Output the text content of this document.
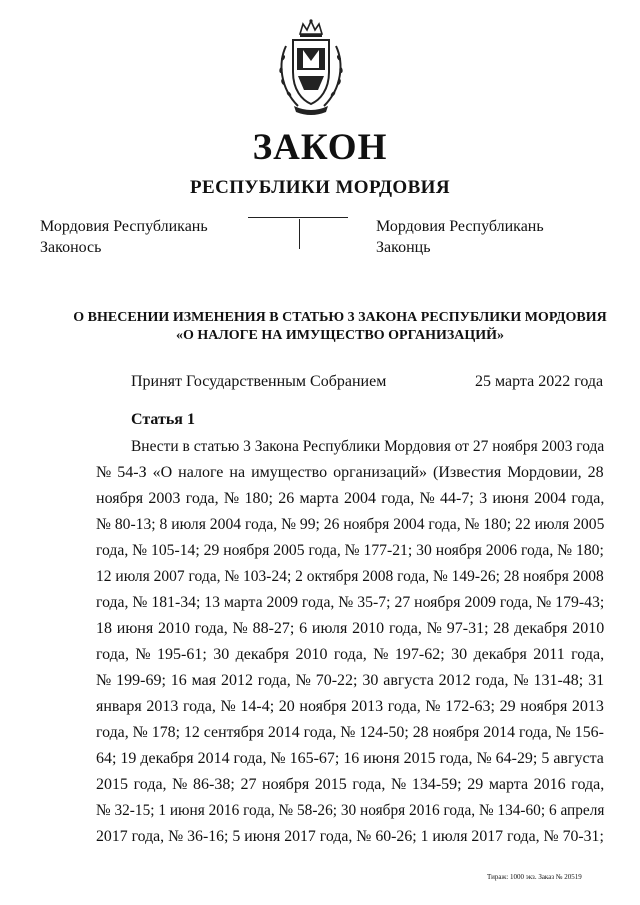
ЗАКОН
РЕСПУБЛИКИ МОРДОВИЯ
Мордовия Республикань
Законось
Мордовия Республикань
Законць
О ВНЕСЕНИИ ИЗМЕНЕНИЯ В СТАТЬЮ 3 ЗАКОНА РЕСПУБЛИКИ МОРДОВИЯ
«О НАЛОГЕ НА ИМУЩЕСТВО ОРГАНИЗАЦИЙ»
Принят Государственным Собранием	25 марта 2022 года
Статья 1
Внести в статью 3 Закона Республики Мордовия от 27 ноября 2003 года
№ 54-З «О налоге на имущество организаций» (Известия Мордовии, 28
ноября 2003 года, № 180; 26 марта 2004 года, № 44-7; 3 июня 2004 года,
№ 80-13; 8 июля 2004 года, № 99; 26 ноября 2004 года, № 180; 22 июля 2005
года, № 105-14; 29 ноября 2005 года, № 177-21; 30 ноября 2006 года, № 180;
12 июля 2007 года, № 103-24; 2 октября 2008 года, № 149-26; 28 ноября 2008
года, № 181-34; 13 марта 2009 года, № 35-7; 27 ноября 2009 года, № 179-43;
18 июня 2010 года, № 88-27; 6 июля 2010 года, № 97-31; 28 декабря 2010
года, № 195-61; 30 декабря 2010 года, № 197-62; 30 декабря 2011 года,
№ 199-69; 16 мая 2012 года, № 70-22; 30 августа 2012 года, № 131-48; 31
января 2013 года, № 14-4; 20 ноября 2013 года, № 172-63; 29 ноября 2013
года, № 178; 12 сентября 2014 года, № 124-50; 28 ноября 2014 года, № 156-
64; 19 декабря 2014 года, № 165-67; 16 июня 2015 года, № 64-29; 5 августа
2015 года, № 86-38; 27 ноября 2015 года, № 134-59; 29 марта 2016 года,
№ 32-15; 1 июня 2016 года, № 58-26; 30 ноября 2016 года, № 134-60; 6 апреля
2017 года, № 36-16; 5 июня 2017 года, № 60-26; 1 июля 2017 года, № 70-31;
Тираж: 1000 экз. Заказ № 20519
